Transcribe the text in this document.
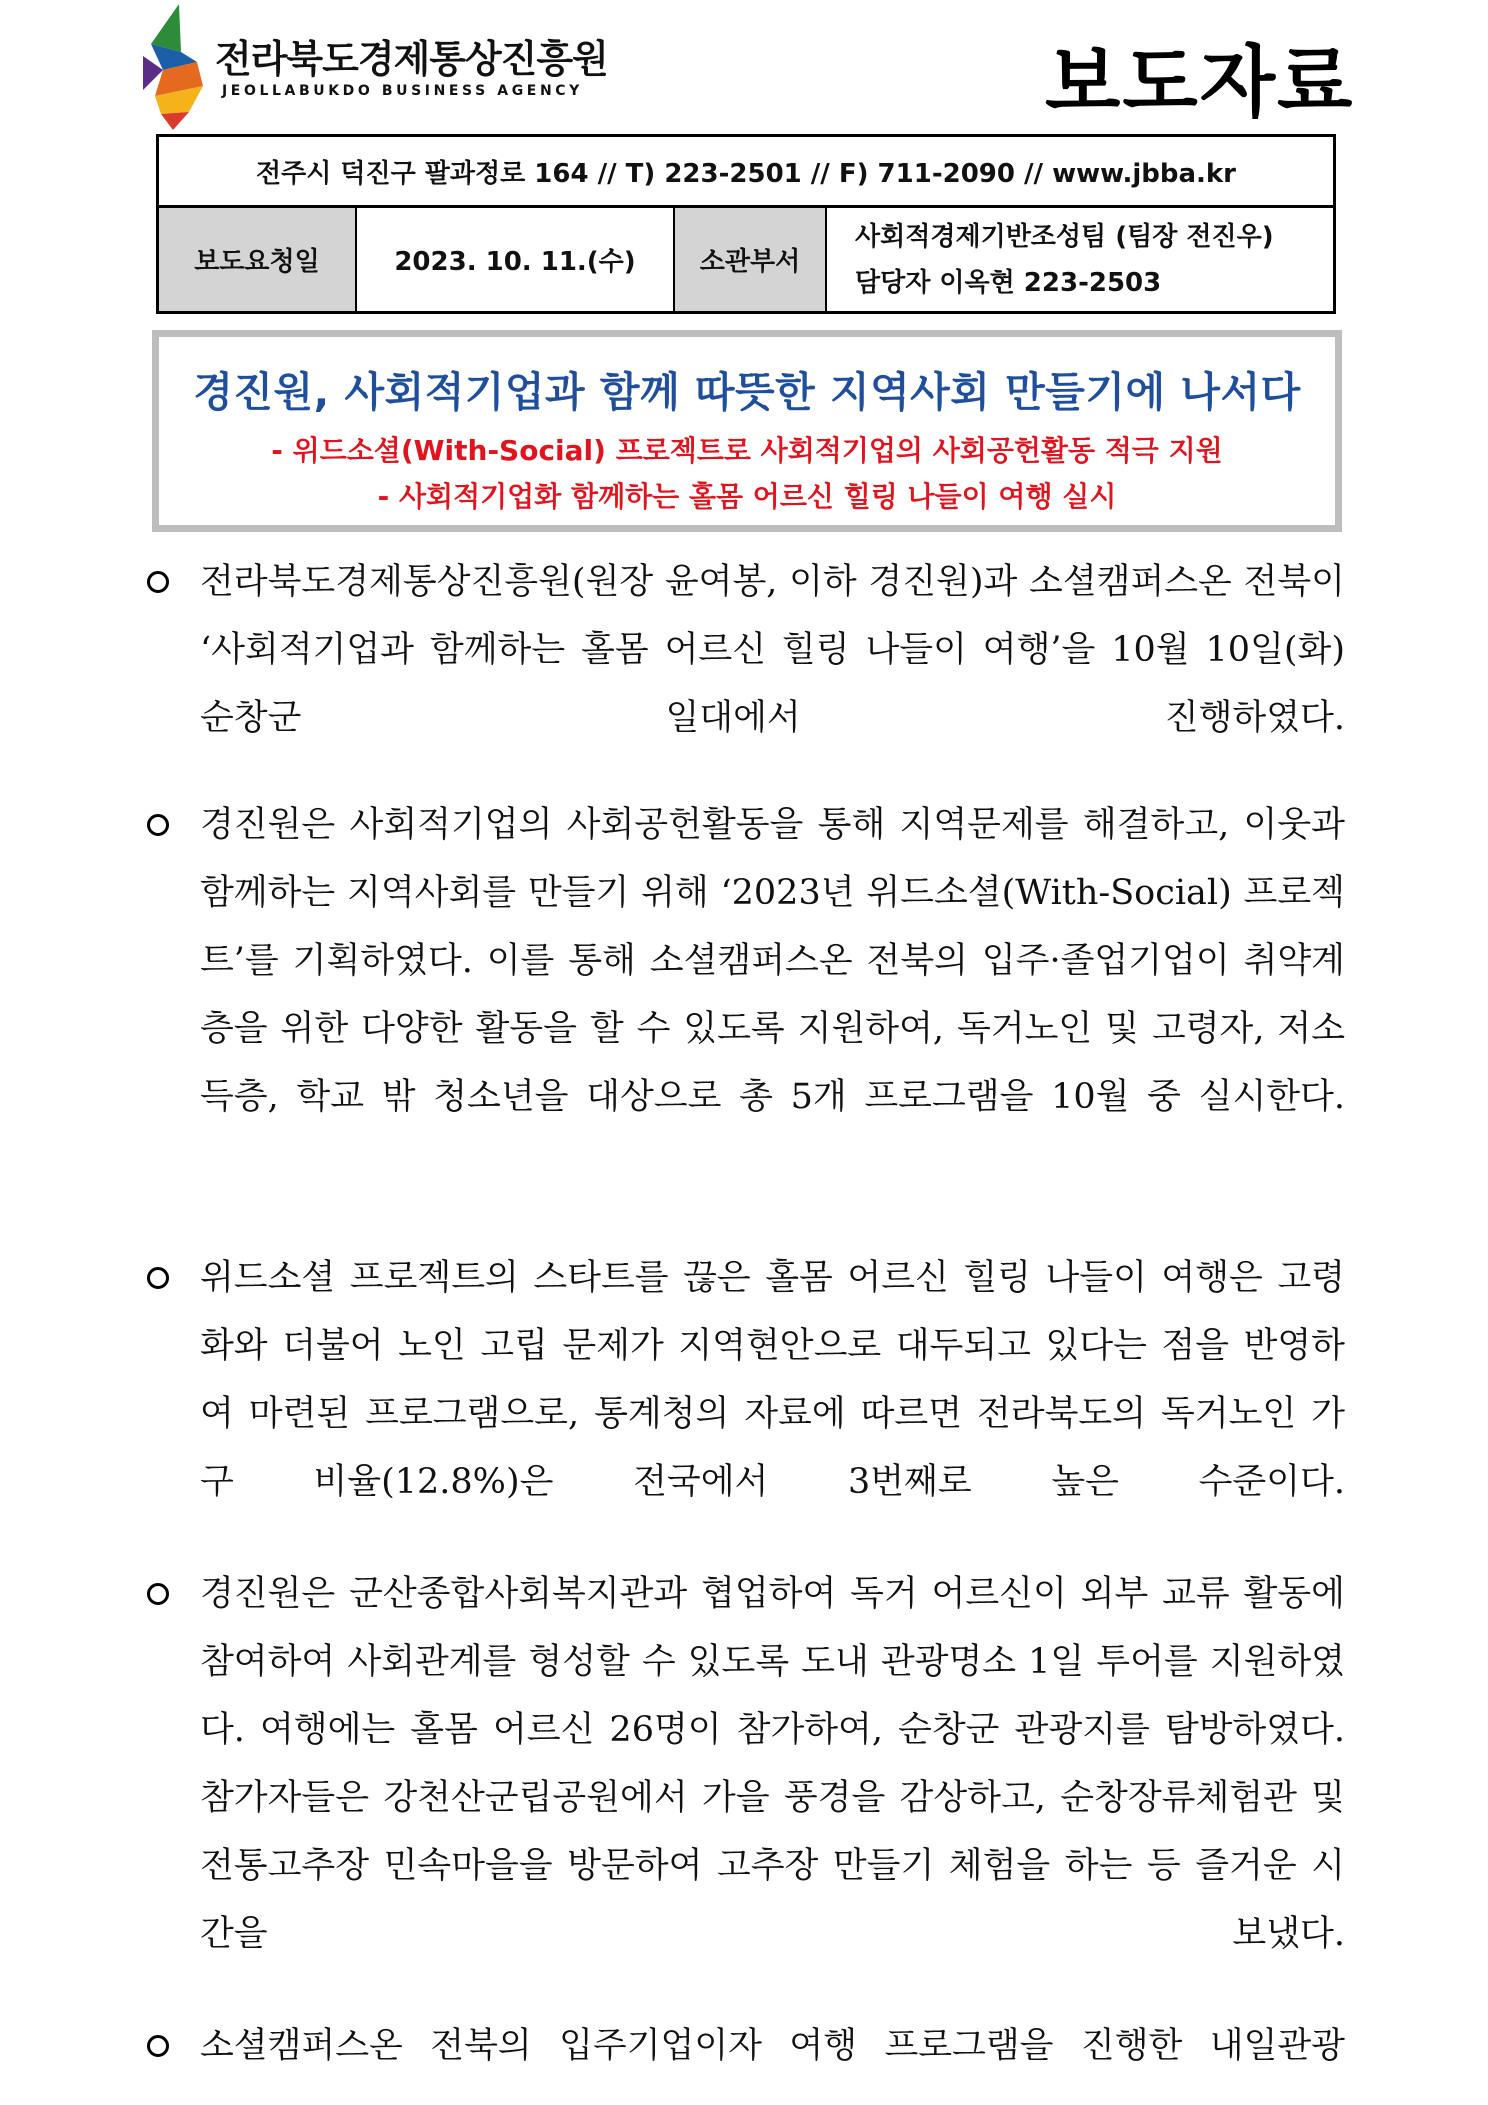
전라북도경제통상진흥원
JEOLLABUKDO BUSINESS AGENCY	보도자료
전주시 덕진구 팔과정로 164 // T) 223-2501 // F) 711-2090 // www.jbba.kr
보도요청일	2023. 10. 11.(수)	소관부서
사회적경제기반조성팀 (팀장 전진우)
담당자 이옥현 223-2503
경진원, 사회적기업과 함께 따뜻한 지역사회 만들기에 나서다
- 위드소셜(With-Social) 프로젝트로 사회적기업의 사회공헌활동 적극 지원
- 사회적기업화 함께하는 홀몸 어르신 힐링 나들이 여행 실시
전라북도경제통상진흥원(원장 윤여봉, 이하 경진원)과 소셜캠퍼스온 전북이 ‘사회적기업과 함께하는 홀몸 어르신 힐링 나들이 여행’을 10월 10일(화) 순창군 일대에서 진행하였다.
경진원은 사회적기업의 사회공헌활동을 통해 지역문제를 해결하고, 이웃과 함께하는 지역사회를 만들기 위해 ‘2023년 위드소셜(With-Social) 프로젝트’를 기획하였다. 이를 통해 소셜캠퍼스온 전북의 입주·졸업기업이 취약계층을 위한 다양한 활동을 할 수 있도록 지원하여, 독거노인 및 고령자, 저소득층, 학교 밖 청소년을 대상으로 총 5개 프로그램을 10월 중 실시한다.
위드소셜 프로젝트의 스타트를 끊은 홀몸 어르신 힐링 나들이 여행은 고령화와 더불어 노인 고립 문제가 지역현안으로 대두되고 있다는 점을 반영하여 마련된 프로그램으로, 통계청의 자료에 따르면 전라북도의 독거노인 가구 비율(12.8%)은 전국에서 3번째로 높은 수준이다.
경진원은 군산종합사회복지관과 협업하여 독거 어르신이 외부 교류 활동에 참여하여 사회관계를 형성할 수 있도록 도내 관광명소 1일 투어를 지원하였다. 여행에는 홀몸 어르신 26명이 참가하여, 순창군 관광지를 탐방하였다. 참가자들은 강천산군립공원에서 가을 풍경을 감상하고, 순창장류체험관 및 전통고추장 민속마을을 방문하여 고추장 만들기 체험을 하는 등 즐거운 시간을 보냈다.
소셜캠퍼스온 전북의 입주기업이자 여행 프로그램을 진행한 내일관광
